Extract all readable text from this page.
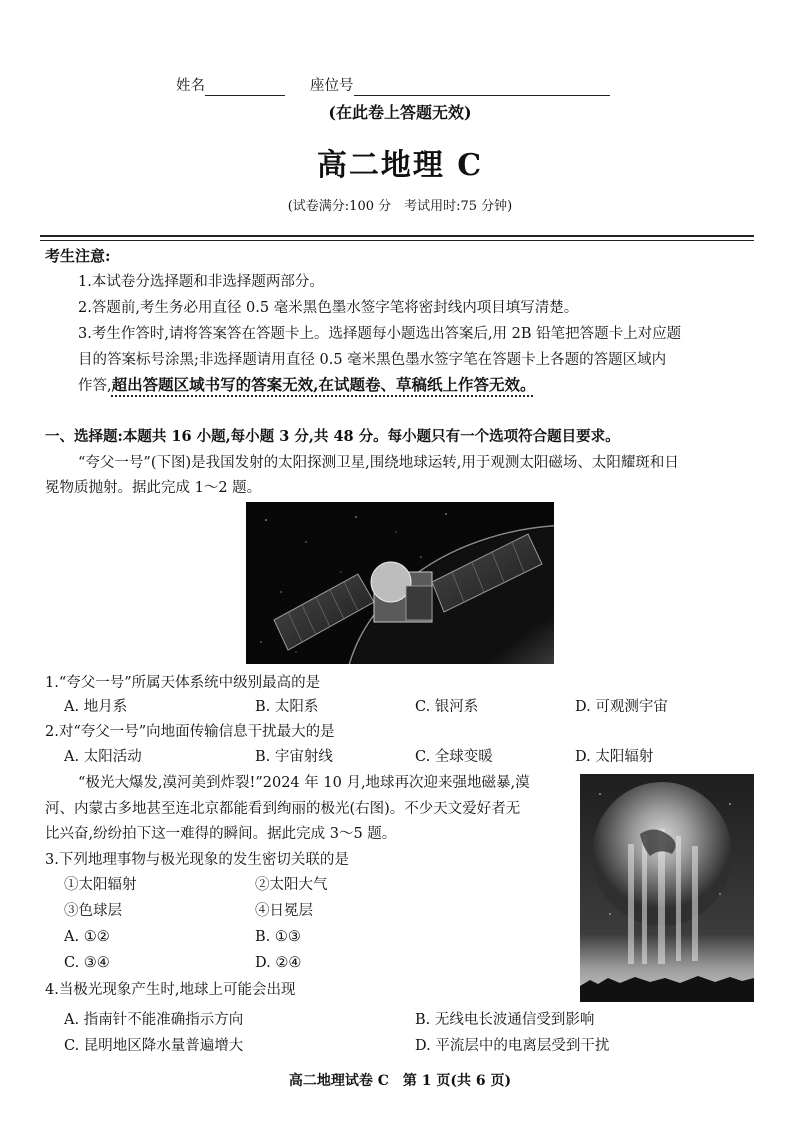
姓名	座位号
(在此卷上答题无效)
高二地理 C
(试卷满分:100 分　考试用时:75 分钟)
考生注意:
1.本试卷分选择题和非选择题两部分。
2.答题前,考生务必用直径 0.5 毫米黑色墨水签字笔将密封线内项目填写清楚。
3.考生作答时,请将答案答在答题卡上。选择题每小题选出答案后,用 2B 铅笔把答题卡上对应题
目的答案标号涂黑;非选择题请用直径 0.5 毫米黑色墨水签字笔在答题卡上各题的答题区域内
作答,超出答题区域书写的答案无效,在试题卷、草稿纸上作答无效。
一、选择题:本题共 16 小题,每小题 3 分,共 48 分。每小题只有一个选项符合题目要求。
“夸父一号”(下图)是我国发射的太阳探测卫星,围绕地球运转,用于观测太阳磁场、太阳耀斑和日
冕物质抛射。据此完成 1～2 题。
1.“夸父一号”所属天体系统中级别最高的是
A. 地月系	B. 太阳系	C. 银河系	D. 可观测宇宙
2.对“夸父一号”向地面传输信息干扰最大的是
A. 太阳活动	B. 宇宙射线	C. 全球变暖	D. 太阳辐射
“极光大爆发,漠河美到炸裂!”2024 年 10 月,地球再次迎来强地磁暴,漠
河、内蒙古多地甚至连北京都能看到绚丽的极光(右图)。不少天文爱好者无
比兴奋,纷纷拍下这一难得的瞬间。据此完成 3～5 题。
3.下列地理事物与极光现象的发生密切关联的是
①太阳辐射	②太阳大气
③色球层	④日冕层
A. ①②	B. ①③
C. ③④	D. ②④
4.当极光现象产生时,地球上可能会出现
A. 指南针不能准确指示方向	B. 无线电长波通信受到影响
C. 昆明地区降水量普遍增大	D. 平流层中的电离层受到干扰
高二地理试卷 C　第 1 页(共 6 页)
